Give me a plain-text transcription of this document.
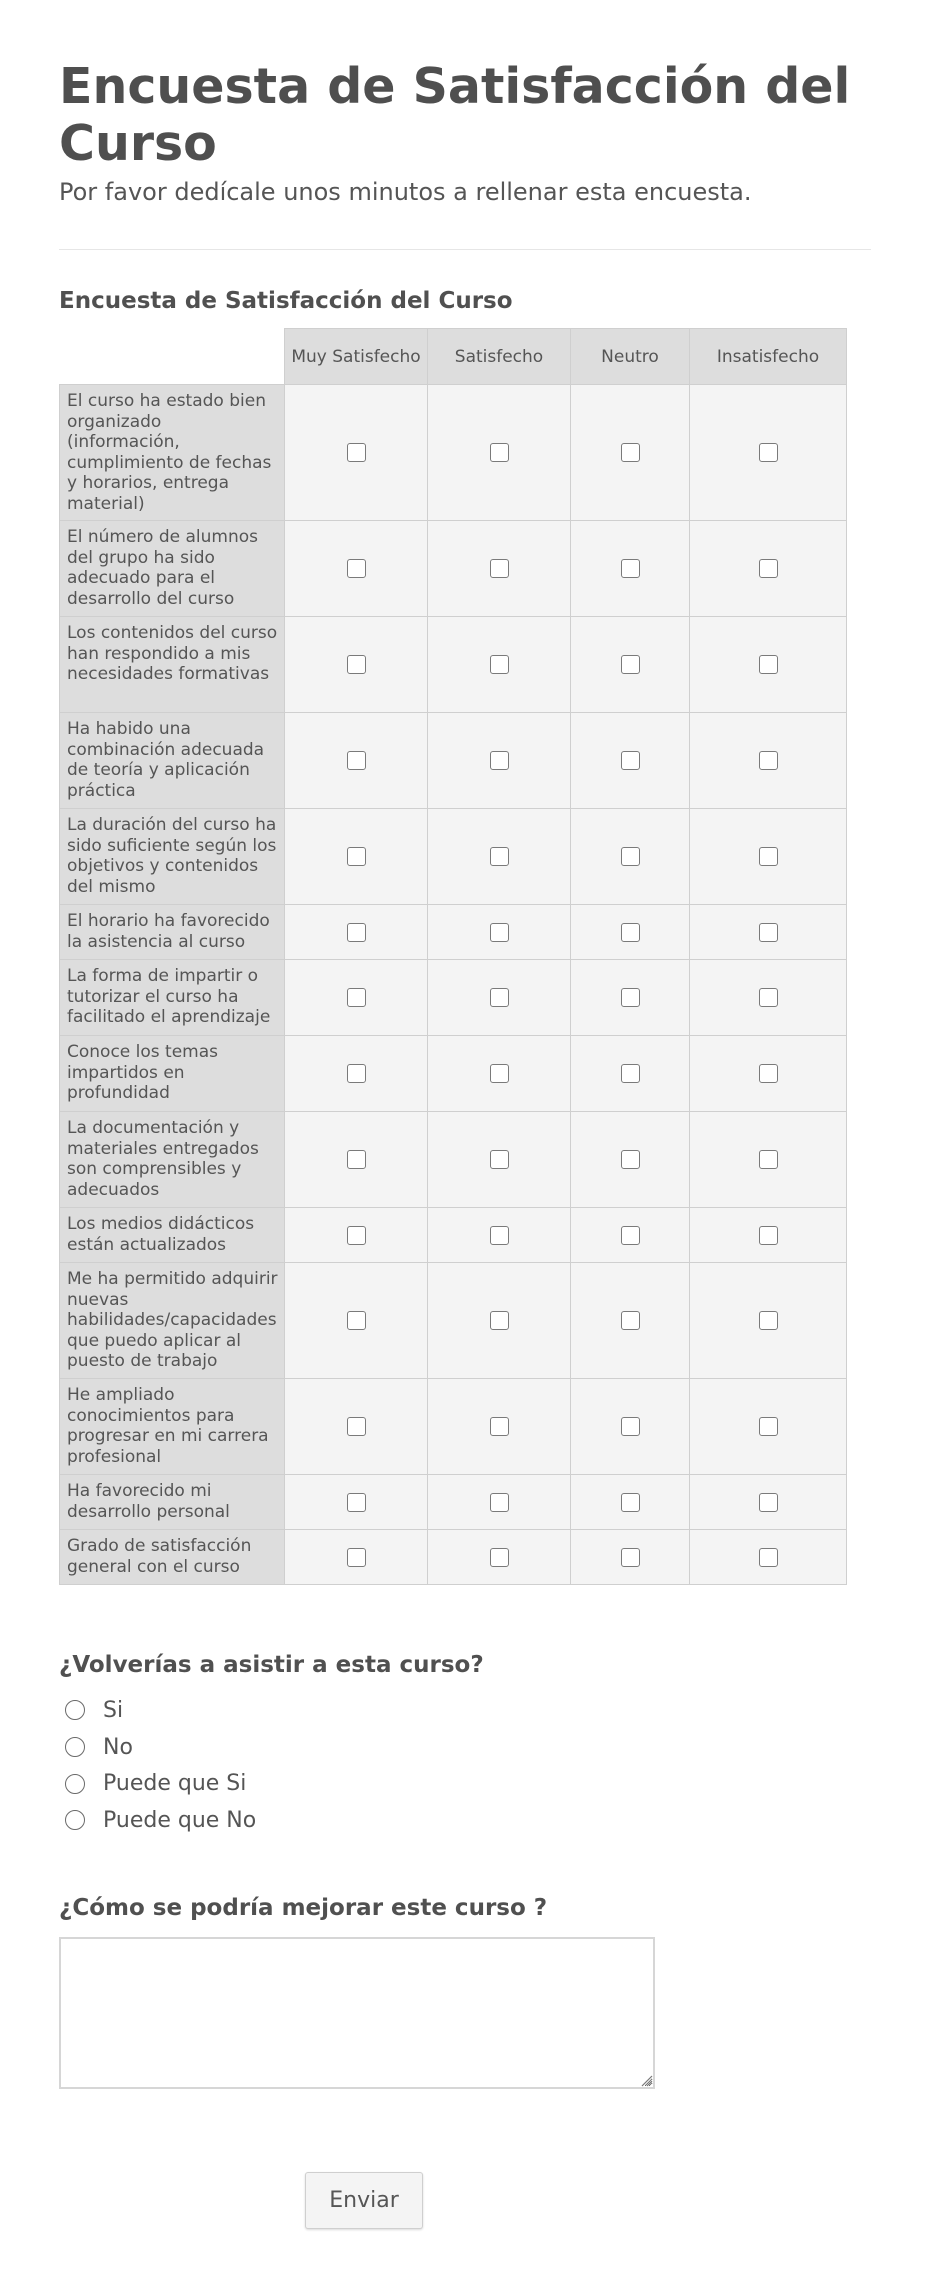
Encuesta de Satisfacción del Curso

Por favor dedícale unos minutos a rellenar esta encuesta.

Encuesta de Satisfacción del Curso
	Muy Satisfecho	Satisfecho	Neutro	Insatisfecho
El curso ha estado bien organizado (información, cumplimiento de fechas y horarios, entrega material)				
El número de alumnos del grupo ha sido adecuado para el desarrollo del curso				
Los contenidos del curso han respondido a mis necesidades formativas				
Ha habido una combinación adecuada de teoría y aplicación práctica				
La duración del curso ha sido suficiente según los objetivos y contenidos del mismo				
El horario ha favorecido la asistencia al curso				
La forma de impartir o tutorizar el curso ha facilitado el aprendizaje				
Conoce los temas impartidos en profundidad				
La documentación y materiales entregados son comprensibles y adecuados				
Los medios didácticos están actualizados				
Me ha permitido adquirir nuevas habilidades/capacidades que puedo aplicar al puesto de trabajo				
He ampliado conocimientos para progresar en mi carrera profesional				
Ha favorecido mi desarrollo personal				
Grado de satisfacción general con el curso				
¿Volverías a asistir a esta curso?
Si
No
Puede que Si
Puede que No
¿Cómo se podría mejorar este curso ?
Enviar
